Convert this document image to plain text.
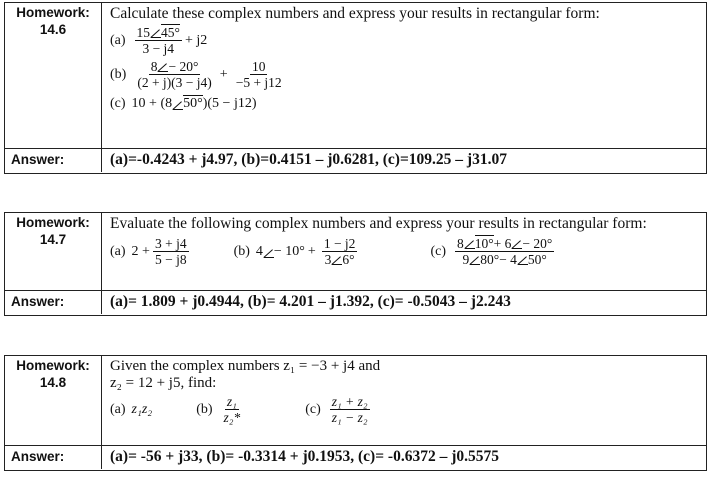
Homework:
14.6
Calculate these complex numbers and express your results in rectangular form:
$(a) \frac{15 45^\circ}{3 - j4} + j2$
$(b) \frac{8 - 20^\circ}{(2 + j)(3 - j4)} + \frac{10}{-5 + j12}$
(c) 10 + (8 50° )(5 − j12)
Answer:	(a)=-0.4243 + j4.97, (b)=0.4151 – j0.6281, (c)=109.25 – j31.07
Homework:
14.7
Evaluate the following complex numbers and express your results in rectangular form:
(a) $2 + \frac{3 + j4}{5 - j8}$	(b) $4 - 10^\circ + \frac{1 - j2}{3 6^\circ}$	$(c) \frac{8 10^\circ+ 6 - 20^\circ}{9 80^\circ- 4 50^\circ}$
Answer:	(a)= 1.809 + j0.4944, (b)= 4.201 – j1.392, (c)= -0.5043 – j2.243
Homework:
14.8
Given the complex numbers z₁ = −3 + j4 and
z₂ = 12 + j5, find:
(a) z₁z₂	$(b) \frac{\text{z₁}}{\text{z₂*}}$	$(c) \frac{\text{z₁ + z₂}}{\text{z₁ − z₂}}$
Answer:	(a)= -56 + j33, (b)= -0.3314 + j0.1953, (c)= -0.6372 – j0.5575
